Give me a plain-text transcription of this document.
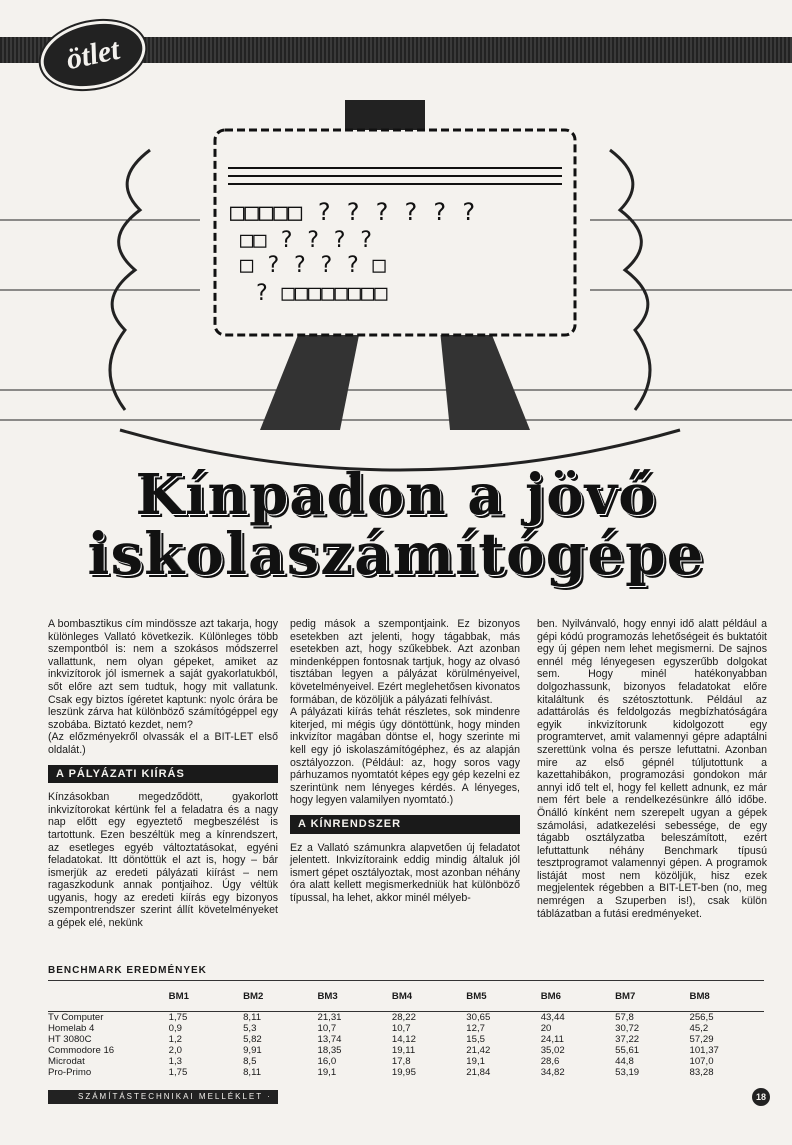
ötlet
□□□□□ ? ? ? ? ? ?
□□ ? ? ? ?
□ ? ? ? ? □
? □□□□□□□□
Kínpadon a jövő
iskolaszámítógépe

A bombasztikus cím mindössze azt takarja, hogy különleges Vallató következik. Különleges több szempontból is: nem a szokásos módszerrel vallattunk, nem olyan gépeket, amiket az inkvizítorok jól ismernek a saját gyakorlatukból, sőt előre azt sem tudtuk, hogy mit vallatunk. Csak egy biztos ígéretet kaptunk: nyolc órára be leszünk zárva hat különböző számítógéppel egy szobába. Biztató kezdet, nem?

(Az előzményekről olvassák el a BIT-LET első oldalát.)

A PÁLYÁZATI KIÍRÁS

Kínzásokban megedződött, gyakorlott inkvizítorokat kértünk fel a feladatra és a nagy nap előtt egy egyeztető megbeszélést is tartottunk. Ezen beszéltük meg a kínrendszert, az esetleges egyéb változtatásokat, egyéni feladatokat. Itt döntöttük el azt is, hogy – bár ismerjük az eredeti pályázati kiírást – nem ragaszkodunk annak pontjaihoz. Úgy véltük ugyanis, hogy az eredeti kiírás egy bizonyos szempontrendszer szerint állít követelményeket a gépek elé, nekünk

pedig mások a szempontjaink. Ez bizonyos esetekben azt jelenti, hogy tágabbak, más esetekben azt, hogy szűkebbek. Azt azonban mindenképpen fontosnak tartjuk, hogy az olvasó tisztában legyen a pályázat körülményeivel, követelményeivel. Ezért meglehetősen kivonatos formában, de közöljük a pályázati felhívást.

A pályázati kiírás tehát részletes, sok mindenre kiterjed, mi mégis úgy döntöttünk, hogy minden inkvizítor magában döntse el, hogy szerinte mi kell egy jó iskolaszámítógéphez, és az alapján osztályozzon. (Például: az, hogy soros vagy párhuzamos nyomtatót képes egy gép kezelni ez szerintünk nem lényeges kérdés. A lényeges, hogy legyen valamilyen nyomtató.)

A KÍNRENDSZER

Ez a Vallató számunkra alapvetően új feladatot jelentett. Inkvizítoraink eddig mindig általuk jól ismert gépet osztályoztak, most azonban néhány óra alatt kellett megismerkedniük hat különböző típussal, ha lehet, akkor minél mélyeb-

ben. Nyilvánvaló, hogy ennyi idő alatt például a gépi kódú programozás lehetőségeit és buktatóit egy új gépen nem lehet megismerni. De sajnos ennél még lényegesen egyszerűbb dolgokat sem. Hogy minél hatékonyabban dolgozhassunk, bizonyos feladatokat előre kitaláltunk és szétosztottunk. Például az adattárolás és feldolgozás megbízhatóságára egyik inkvizítorunk kidolgozott egy programtervet, amit valamennyi gépre adaptálni szerettünk volna és persze lefuttatni. Azonban mire az első gépnél túljutottunk a kazettahibákon, programozási gondokon már annyi idő telt el, hogy fel kellett adnunk, ez már nem fért bele a rendelkezésünkre álló időbe. Önálló kínként nem szerepelt ugyan a gépek számolási, adatkezelési sebessége, de egy tágabb osztályzatba beleszámított, ezért lefuttattunk néhány Benchmark típusú tesztprogramot valamennyi gépen. A programok listáját most nem közöljük, hisz ezek megjelentek régebben a BIT-LET-ben (no, meg nemrégen a Szuperben is!), csak külön táblázatban a futási eredményeket.

BENCHMARK EREDMÉNYEK
	BM1	BM2	BM3	BM4	BM5	BM6	BM7	BM8
Tv Computer	1,75	8,11	21,31	28,22	30,65	43,44	57,8	256,5
Homelab 4	0,9	5,3	10,7	10,7	12,7	20	30,72	45,2
HT 3080C	1,2	5,82	13,74	14,12	15,5	24,11	37,22	57,29
Commodore 16	2,0	9,91	18,35	19,11	21,42	35,02	55,61	101,37
Microdat	1,3	8,5	16,0	17,8	19,1	28,6	44,8	107,0
Pro-Primo	1,75	8,11	19,1	19,95	21,84	34,82	53,19	83,28
SZÁMÍTÁSTECHNIKAI MELLÉKLET · MÁJUS
18
